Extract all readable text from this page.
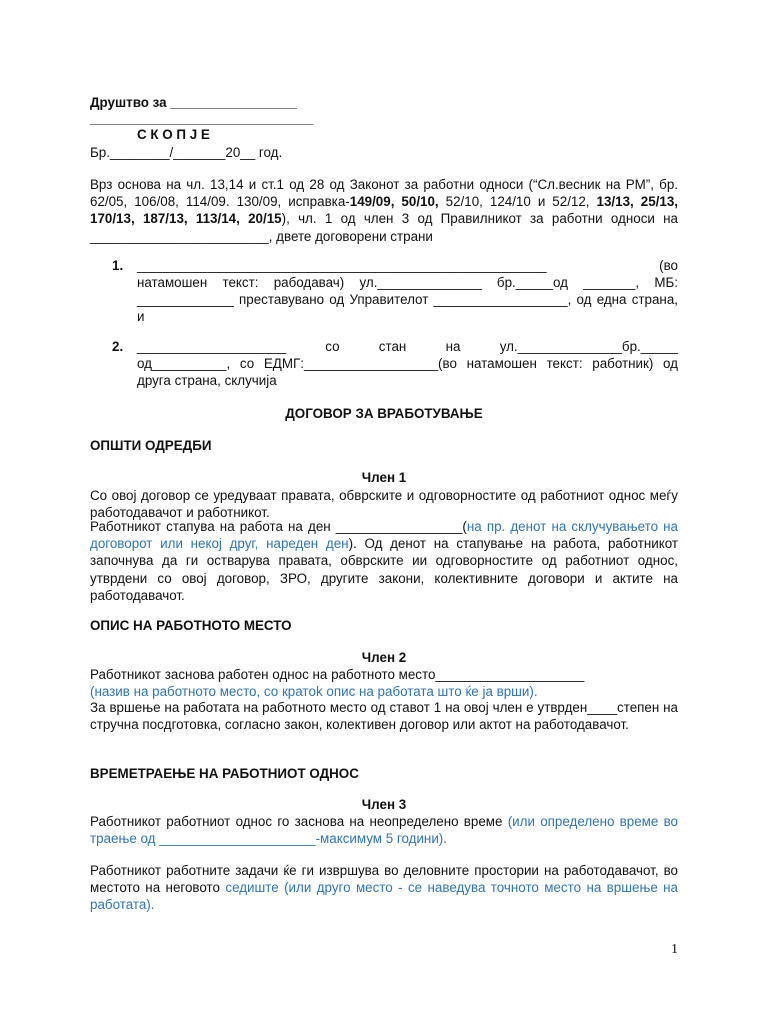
Друштво за _________________
______________________________
С К О П Ј Е
Бр.________/_______20__ год.

Врз основа на чл. 13,14 и ст.1 од 28 од Законот за работни односи (“Сл.весник на РМ”, бр. 62/05, 106/08, 114/09. 130/09, исправка-149/09, 50/10, 52/10, 124/10 и 52/12, 13/13, 25/13, 170/13, 187/13, 113/14, 20/15), чл. 1 од член 3 од Правилникот за работни односи на ________________________, двете договорени страни

1. _______________________________________________________ (во

натамошен текст: рабодавач) ул.______________ бр._____од _______, МБ: _____________ преставувано од Управителот __________________, од една страна, и

2. ____________________ со стан на ул.______________бр._____

од__________, со ЕДМГ:__________________(во натамошен текст: работник) од друга страна, склучија

ДОГОВОР ЗА ВРАБОТУВАЊЕ
ОПШТИ ОДРЕДБИ
Член 1

Со овој договор се уредуваат правата, обврските и одговорностите од работниот однос меѓу работодавачот и работникот.

Работникот стапува на работа на ден _________________(на пр. денот на склучувањето на договорот или некој друг, нареден ден). Од денот на стапување на работа, работникот започнува да ги остварува правата, обврските ии одговорностите од работниот однос, утврдени со овој договор, ЗРО, другите закони, колективните договори и актите на работодавачот.

ОПИС НА РАБОТНОТО МЕСТО
Член 2

Работникот заснова работен однос на работното место____________________

(назив на работното место, со кратok опис на работата што ќе ја врши).

За вршење на работата на работното место од ставот 1 на овој член е утврден____степен на стручна посдготовка, согласно закон, колективен договор или актот на работодавачот.

ВРЕМЕТРАЕЊЕ НА РАБОТНИОТ ОДНОС
Член 3

Работникот работниот однос го заснова на неопределено време (или определено време во траење од _____________________-максимум 5 години).

Работникот работните задачи ќе ги извршува во деловните простории на работодавачот, во местото на неговото седиште (или друго место - се наведува точното место на вршење на работата).

1
